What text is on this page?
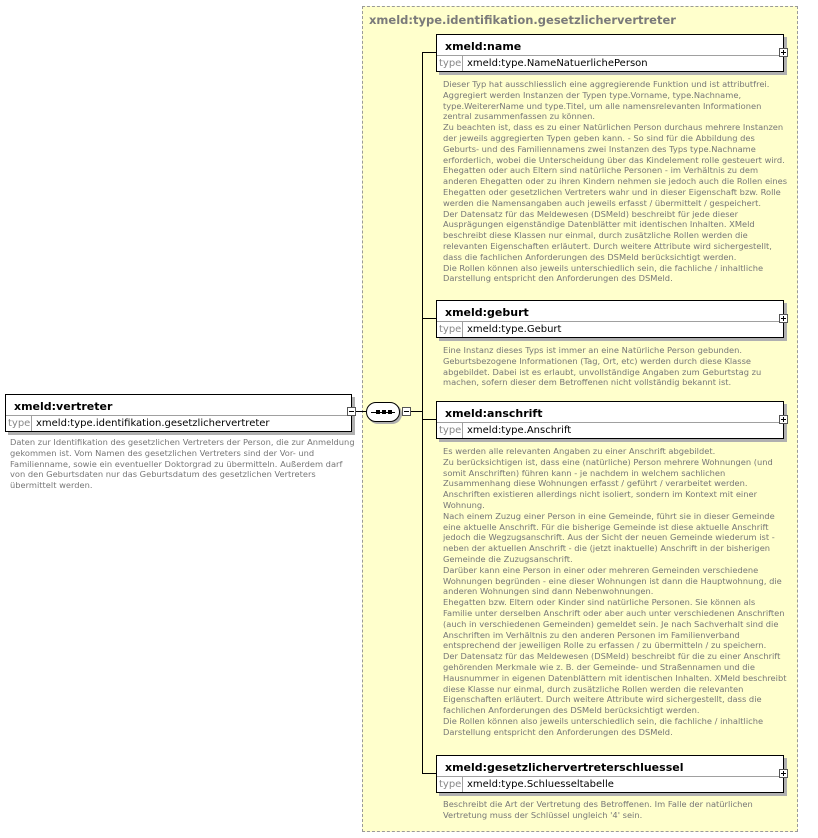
xmeld:type.identifikation.gesetzlichervertreter
xmeld:vertreter
type xmeld:type.identifikation.gesetzlichervertreter
Daten zur Identifikation des gesetzlichen Vertreters der Person, die zur Anmeldung
gekommen ist. Vom Namen des gesetzlichen Vertreters sind der Vor- und
Familienname, sowie ein eventueller Doktorgrad zu übermitteln. Außerdem darf
von den Geburtsdaten nur das Geburtsdatum des gesetzlichen Vertreters
übermittelt werden.
xmeld:name
type xmeld:type.NameNatuerlichePerson
Dieser Typ hat ausschliesslich eine aggregierende Funktion und ist attributfrei.
Aggregiert werden Instanzen der Typen type.Vorname, type.Nachname,
type.WeitererName und type.Titel, um alle namensrelevanten Informationen
zentral zusammenfassen zu können.
Zu beachten ist, dass es zu einer Natürlichen Person durchaus mehrere Instanzen
der jeweils aggregierten Typen geben kann. - So sind für die Abbildung des
Geburts- und des Familiennamens zwei Instanzen des Typs type.Nachname
erforderlich, wobei die Unterscheidung über das Kindelement rolle gesteuert wird.
Ehegatten oder auch Eltern sind natürliche Personen - im Verhältnis zu dem
anderen Ehegatten oder zu ihren Kindern nehmen sie jedoch auch die Rollen eines
Ehegatten oder gesetzlichen Vertreters wahr und in dieser Eigenschaft bzw. Rolle
werden die Namensangaben auch jeweils erfasst / übermittelt / gespeichert.
Der Datensatz für das Meldewesen (DSMeld) beschreibt für jede dieser
Ausprägungen eigenständige Datenblätter mit identischen Inhalten. XMeld
beschreibt diese Klassen nur einmal, durch zusätzliche Rollen werden die
relevanten Eigenschaften erläutert. Durch weitere Attribute wird sichergestellt,
dass die fachlichen Anforderungen des DSMeld berücksichtigt werden.
Die Rollen können also jeweils unterschiedlich sein, die fachliche / inhaltliche
Darstellung entspricht den Anforderungen des DSMeld.
xmeld:geburt
type xmeld:type.Geburt
Eine Instanz dieses Typs ist immer an eine Natürliche Person gebunden.
Geburtsbezogene Informationen (Tag, Ort, etc) werden durch diese Klasse
abgebildet. Dabei ist es erlaubt, unvollständige Angaben zum Geburtstag zu
machen, sofern dieser dem Betroffenen nicht vollständig bekannt ist.
xmeld:anschrift
type xmeld:type.Anschrift
Es werden alle relevanten Angaben zu einer Anschrift abgebildet.
Zu berücksichtigen ist, dass eine (natürliche) Person mehrere Wohnungen (und
somit Anschriften) führen kann - je nachdem in welchem sachlichen
Zusammenhang diese Wohnungen erfasst / geführt / verarbeitet werden.
Anschriften existieren allerdings nicht isoliert, sondern im Kontext mit einer
Wohnung.
Nach einem Zuzug einer Person in eine Gemeinde, führt sie in dieser Gemeinde
eine aktuelle Anschrift. Für die bisherige Gemeinde ist diese aktuelle Anschrift
jedoch die Wegzugsanschrift. Aus der Sicht der neuen Gemeinde wiederum ist -
neben der aktuellen Anschrift - die (jetzt inaktuelle) Anschrift in der bisherigen
Gemeinde die Zuzugsanschrift.
Darüber kann eine Person in einer oder mehreren Gemeinden verschiedene
Wohnungen begründen - eine dieser Wohnungen ist dann die Hauptwohnung, die
anderen Wohnungen sind dann Nebenwohnungen.
Ehegatten bzw. Eltern oder Kinder sind natürliche Personen. Sie können als
Familie unter derselben Anschrift oder aber auch unter verschiedenen Anschriften
(auch in verschiedenen Gemeinden) gemeldet sein. Je nach Sachverhalt sind die
Anschriften im Verhältnis zu den anderen Personen im Familienverband
entsprechend der jeweiligen Rolle zu erfassen / zu übermitteln / zu speichern.
Der Datensatz für das Meldewesen (DSMeld) beschreibt für die zu einer Anschrift
gehörenden Merkmale wie z. B. der Gemeinde- und Straßennamen und die
Hausnummer in eigenen Datenblättern mit identischen Inhalten. XMeld beschreibt
diese Klasse nur einmal, durch zusätzliche Rollen werden die relevanten
Eigenschaften erläutert. Durch weitere Attribute wird sichergestellt, dass die
fachlichen Anforderungen des DSMeld berücksichtigt werden.
Die Rollen können also jeweils unterschiedlich sein, die fachliche / inhaltliche
Darstellung entspricht den Anforderungen des DSMeld.
xmeld:gesetzlichervertreterschluessel
type xmeld:type.Schluesseltabelle
Beschreibt die Art der Vertretung des Betroffenen. Im Falle der natürlichen
Vertretung muss der Schlüssel ungleich '4' sein.
